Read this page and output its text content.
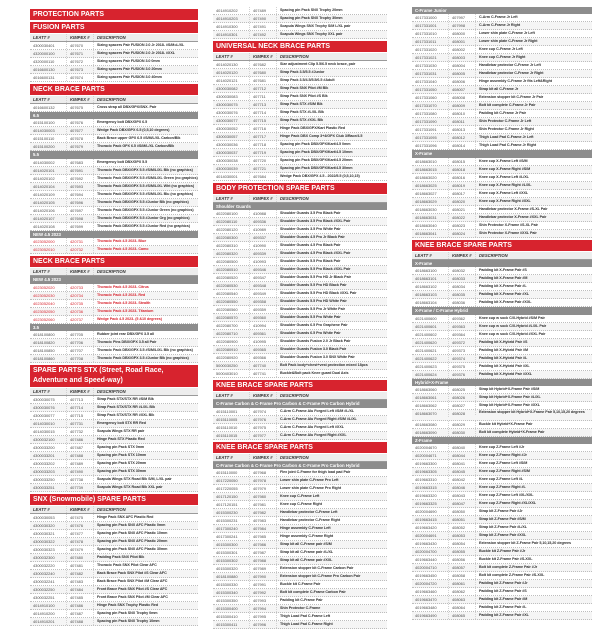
PROTECTION PARTS
FUSION PARTS
LEATT #	KIMPEX #	DESCRIPTION
4300030401	407670	Sizing spacers Pair FUSION 2.0 Jr 2018- #S/M=L/XL
4320000100	407671	Sizing spacers Pair FUSION 2.0 Jr 2018- #XXL
4320000110	407672	Sizing spacers Pair FUSION 3.0 0mm
4016600130	407673	Sizing spacers Pair FUSION 3.0 20mm
4016600131	407674	Sizing spacers Pair FUSION 3.0 40mm
NECK BRACE PARTS
LEATT #	KIMPEX #	DESCRIPTION
4016600132	407675	Cross strap all DBX/GPX/SNX. Pair
6.5
4015100100	407676	Emergency bolt DBX/GPX 6.5
4014030003	407677	Wedge Pack DBX/GPX 6.5 (0,5,10 degrees)
4015100110	407678	Back Brace upper GPX 6.5 #S/M/L/XL Carbon/Blk
4015100200	407679	Thoracic Pack GPX 6.5 #S/M/L/XL Carbon/Blk
5.5
4014030002	407683	Emergency bolt DBX/GPX 5.5
4014020101	407691	Thoracic Pack DBX/GPX 5.5 #S/M/L/XL Blk (no graphics)
4014020102	407692	Thoracic Pack DBX/GPX 5.5 #S/M/L/XL Green (no graphics)
4014020104	407693	Thoracic Pack DBX/GPX 5.5 #S/M/L/XL Wht (no graphics)
4014020109	407694	Thoracic Pack DBX/GPX 5.5 #S/M/L/XL Blu (no graphics)
4014020105	407696	Thoracic Pack DBX/GPX 5.5 #Junior Blk (no graphics)
4014020106	407697	Thoracic Pack DBX/GPX 5.5 #Junior Green (no graphics)
4014020107	407698	Thoracic Pack DBX/GPX 5.5 #Junior Org (no graphics)
4014020108	407699	Thoracic Pack DBX/GPX 5.5 #Junior Red (no graphics)
NEW 4.5 2023
4023052000	420731	Thoracic Pack 4.5 2023- Blue
4023052010	420732	Thoracic Pack 4.5 2023- Camo
NECK BRACE PARTS
LEATT #	KIMPEX #	DESCRIPTION
NEW 4.5 2023
4023052020	420733	Thoracic Pack 4.5 2023- Citrus
4023052030	420734	Thoracic Pack 4.5 2023- Red
4023052040	420735	Thoracic Pack 4.5 2023- Stealth
4023052050	420736	Thoracic Pack 4.5 2023- Titanium
4023052060	420737	Wedge Pack 4.5 2023- (5 &10 degrees)
3.5
4018100800	407705	Rubber joint rear DBX/GPX 3.5 all
4018100820	407706	Thoracic Pins DBX/GPX 3.5 all Pair
4018100850	407707	Thoracic Pack DBX/GPX 3.5 #S/M/L/XL Blk (no graphics)
4018100860	407708	Thoracic Pack DBX/GPX 3.5 #Junior Blk (no graphics)
SPARE PARTS STX (Street, Road Race, Adventure and Speed-way)
LEATT #	KIMPEX #	DESCRIPTION
4300030075	407713	Strap Pack STX/STX RR #S/M Blk
4300030076	407714	Strap Pack STX/STX RR #L/XL Blk
4300030077	407715	Strap Pack STX/STX RR #XXL Blk
4014030010	407731	Emergency bolt STX RR Red
4014030015	407732	Scapula Wings STX RR pair
4300032100	407486	Hinge Pack STX Plastic Red
4300033200	407487	Spacing pin Pack STX 0mm
4300033201	407488	Spacing pin Pack STX 10mm
4300033202	407489	Spacing pin Pack STX 20mm
4300033203	407490	Spacing pin Pack STX 30mm
4300033250	407738	Scapula Wings STX Road Blk S/M, L/XL pair
4300033251	407739	Scapula Wings STX Road Blk XXL pair
SNX (Snowmobile) SPARE PARTS
LEATT #	KIMPEX #	DESCRIPTION
4300030053	407475	Hinge Pack SNX AFC Plastic Red
4300030320	407476	Spacing pin Pack SNX AFC Plastic 0mm
4300030321	407477	Spacing pin Pack SNX AFC Plastic 10mm
4300030322	407478	Spacing pin Pack SNX AFC Plastic 20mm
4300030323	407479	Spacing pin Pack SNX AFC Plastic 30mm
4300032300	407480	Padding Pack SNX Pilot Blk
4300032220	407481	Thoracic Pack SNX Pilot Clear AFC
4300032240	407482	Back Brace Pack SNX Pilot #S Clear AFC
4300032241	407483	Back Brace Pack SNX Pilot #M Clear AFC
4300032250	407484	Front Brace Pack SNX Pilot #S Clear AFC
4300032251	407485	Front Brace Pack SNX Pilot #M Clear AFC
4014910100	407486	Hinge Pack SNX Trophy Plastic Red
4014910200	407487	Spacing pin Pack SNX Trophy 0mm
4014910201	407488	Spacing pin Pack SNX Trophy 10mm
4014910202	407489	Spacing pin Pack SNX Trophy 20mm
4014910203	407490	Spacing pin Pack SNX Trophy 30mm
4014910300	407491	Scapula Wings SNX Trophy S/M L/XL pair
4014910301	407492	Scapula Wings SNX Trophy XXL pair
UNIVERSAL NECK BRACE PARTS
LEATT #	KIMPEX #	DESCRIPTION
4014020130	407682	Size adjustment Clip 5.5/6.5 neck brace, pair
4014020120	407680	Strap Pack 3.5/5.5 #Junior
4014020121	407681	Strap Pack 3.5/4.5/5.5/6.5 #Adult
4300030082	407712	Strap Pack SNX Pilot #M Blk
4300030083	407711	Strap Pack SNX Pilot #S Blk
4300030075	407713	Strap Pack STX #S/M Blk
4300030076	407714	Strap Pack STX #L/XL Blk
4300030077	407715	Strap Pack STX #XXL Blk
4300030052	407716	Hinge Pack DBX/GPX/Kart Plastic Red
4300030057	407717	Hinge Pack DBX Comp 3+4/GPX Club 3/Race/4.5
4300030036	407718	Spacing pin Pack DBX/GPX/Kart/4.5 0mm
4300030037	407719	Spacing pin Pack DBX/GPX/Kart/4.5 10mm
4300030038	407720	Spacing pin Pack DBX/GPX/Kart/4.5 20mm
4300030039	407721	Spacing pin Pack DBX/GPX/Kart/4.5 30mm
4014030001	407684	Wedge Pack DBX/GPX 4.5 - 2022/5.5 (0,5,10,15)
BODY PROTECTION SPARE PARTS
LEATT #	KIMPEX #	DESCRIPTION
Shoulder Guards
4022080100	410988	Shoulder Guards 3.5 Pro Black Pair
4022080110	409336	Shoulder Guards 3.5 Pro Black #XXL Pair
4022080120	410989	Shoulder Guards 3.5 Pro White Pair
4022080300	409337	Shoulder Guards 4.5 Pro Jr Black Pair
4022080310	410990	Shoulder Guards 4.5 Pro Black Pair
4022080320	409339	Shoulder Guards 4.5 Pro Black #XXL Pair
4022080500	410993	Shoulder Guards 5.5 Pro Black Pair
4022080510	409346	Shoulder Guards 5.5 Pro Black #XXL Pair
4022080520	409347	Shoulder Guards 5.5 Pro HD Jr Black Pair
4022080530	409348	Shoulder Guards 5.5 Pro HD Black Pair
4022080540	409349	Shoulder Guards 5.5 Pro HD Black #XXL Pair
4022080550	409358	Shoulder Guards 5.5 Pro HD White Pair
4022080560	409359	Shoulder Guards 5.5 Pro Jr White Pair
4022080570	409360	Shoulder Guards 5.5 Pro White Pair
4022080700	410994	Shoulder Guards 6.5 Pro Graphene Pair
4022080710	409361	Shoulder Guards 6.5 Pro White Pair
4022080900	410995	Shoulder Guards Fusion 2.0 Jr Black Pair
4022080910	409365	Shoulder Guards Fusion 3.0 Black Pair
4022080920	409366	Shoulder Guards Fusion 3.0 SNX White Pair
5000030250	407740	Bolt Pack body+chest+vest protection mixed 18pcs
5000403010	407741	Buckle&Bolt pack Knee guard Dual Axis
KNEE BRACE SPARE PARTS
LEATT #	KIMPEX #	DESCRIPTION
C-Frame Carbon & C-Frame Pro Carbon & C-Frame Pro Carbon Hybrid
4015110001	407974	C-Arm C-Frame Alu Forged Left #S/M #L/XL
4015110005	407976	C-Arm C-Frame Alu Forged Right #S/M #L/XL
4015110010	407975	C-Arm C-Frame Alu Forged Left #XXL
4015110015	407977	C-Arm C-Frame Alu Forged Right #XXL
KNEE BRACE SPARE PARTS
LEATT #	KIMPEX #	DESCRIPTION
C-Frame Carbon & C-Frame Pro Carbon & C-Frame Pro Carbon Hybrid
4015110000	407968	Flex joint C-Frame for thigh load pad Pair
4017220050	407978	Lower shin plate C-Frame Pro Left
4017220055	407979	Lower shin plate C-Frame Pro Right
4017120150	407980	Knee cup C-Frame Left
4017120151	407981	Knee cup C-Frame Right
4015300230	407982	Handlebar protector C-Frame Left
4015300231	407983	Handlebar protector C-Frame Right
4017300240	407984	Hinge assembly C-Frame Left
4017300241	407985	Hinge assembly C-Frame Right
4015300300	407986	Strap kit all C-Frame pair #S/M
4015300301	407987	Strap kit all C-Frame pair #L/XL
4015300302	407988	Strap kit all C-Frame pair #XXL
4015300320	407989	Extension stopper kit C-Frame Carbon Pair
4018100880	407990	Extension stopper kit C-Frame Pro Carbon Pair
4015300330	407991	Buckle kit C-Frame Pair
4015300340	407992	Bolt kit complete C-Frame Carbon Pair
4015300350	407993	Padding kit C-Frame Pair
4015300400	407994	Shin Protector C-Frame
4015300410	407995	Thigh Load Pad C-Frame Left
4015300411	407996	Thigh Load Pad C-Frame Right
C-Frame Junior
4017331000	407997	C-Arm C-Frame Jr Left
4017331001	407998	C-Arm C-Frame Jr Right
4017331010	408000	Lower shin plate C-Frame Jr Left
4017331011	408001	Lower shin plate C-Frame Jr Right
4017331020	408002	Knee cup C-Frame Jr Left
4017331021	408003	Knee cup C-Frame Jr Right
4017331030	408004	Handlebar protector C-Frame Jr Left
4017331031	408005	Handlebar protector C-Frame Jr Right
4017331040	408006	Hinge assembly C-Frame Jr fits Left&Right
4017331050	408007	Strap kit all C-Frame Jr
4017331060	408008	Extension stopper kit C-Frame Jr Pair
4017331070	408009	Bolt kit complete C-Frame Jr Pair
4017331080	408010	Padding kit C-Frame Jr Pair
4017331090	408011	Shin Protector C-Frame Jr Left
4017331091	408013	Shin Protector C-Frame Jr Right
4017331095	408012	Thigh Load Pad C-Frame Jr Left
4017331096	408014	Thigh Load Pad C-Frame Jr Right
X-Frame
4018663010	408015	Knee cup X-Frame Left #S/M
4018663015	408018	Knee cup X-Frame Right #S/M
4018663020	408016	Knee cup X-Frame Left #L/XL
4018663025	408019	Knee cup X-Frame Right #L/XL
4018663027	408017	Knee cup X-Frame Left #XXL
4018663029	408020	Knee cup X-Frame Right #XXL
4018663030	408021	Handlebar protector X-Frame #S-XL Pair
4018663031	408022	Handlebar protector X-Frame #XXL Pair
4018663040	408023	Shin Protector X-Frame #S-XL Pair
4018663041	408024	Shin Protector X-Frame #XXL Pair
KNEE BRACE SPARE PARTS
LEATT #	KIMPEX #	DESCRIPTION
X-Frame
4018663100	408032	Padding kit X-Frame Pair #S
4018663101	408033	Padding kit X-Frame Pair #M
4018663102	408034	Padding kit X-Frame Pair #L
4018663103	408035	Padding kit X-Frame Pair #XL
4018663104	408036	Padding kit X-Frame Pair #XXL
X-Frame / C-Frame Hybrid
4021400600	409362	Knee cup w sock C/X-Hybrid #S/M Pair
4021400601	409363	Knee cup w sock C/X-Hybrid #L/XL Pair
4021400602	409364	Knee cup w sock C/X-Hybrid #XXL Pair
4021400620	409372	Padding kit X-Hybrid Pair #S
4021400621	409373	Padding kit X-Hybrid Pair #M
4021400622	409374	Padding kit X-Hybrid Pair #L
4021400623	409375	Padding kit X-Hybrid Pair #XL
4021400624	409376	Padding kit X-Hybrid Pair #XXL
Hybrid+X-Frame
4018663060	408025	Strap kit Hybrid+X-Frame Pair #S/M
4018663061	408026	Strap kit Hybrid+X-Frame Pair #L/XL
4018663062	408027	Strap kit Hybrid+X-Frame Pair #XXL
4018663070	408028	Extension stopper kit Hybrid+X-Frame Pair 5,10,15,20 degrees
4018663080	408029	Buckle kit Hybrid+X-Frame Pair
4018663090	408030	Bolt kit complete Hybrid+X-Frame Pair
Z-Frame
4020004670	408040	Knee cup Z-Frame Left #Jr
4020004671	408044	Knee cup Z-Frame Right #Jr
4019663300	408041	Knee cup Z-Frame Left #S/M
4019663305	408045	Knee cup Z-Frame Right #S/M
4019663310	408042	Knee cup Z-Frame Left #L
4019663315	408046	Knee cup Z-Frame Right #L
4019663320	408043	Knee cup Z-Frame Left #XL/XXL
4019663325	408047	Knee cup Z-Frame Right #XL/XXL
4020004690	408050	Strap kit Z-Frame Pair #Jr
4019663415	408051	Strap kit Z-Frame Pair #S/M
4019663420	408052	Strap kit Z-Frame Pair #L/XL
4020004691	408053	Strap kit Z-Frame Pair #XXL
4019663430	408054	Extension stopper kit Z-Frame Pair 5,10,15,20 degrees
4020004700	408055	Buckle kit Z-Frame Pair #Jr
4019663440	408056	Buckle kit Z-Frame Pair #S-XXL
4020004710	408057	Bolt kit complete Z-Frame Pair #Jr
4019663450	408058	Bolt kit complete Z-Frame Pair #S-XXL
4020004720	408061	Padding kit Z-Frame Pair #Jr
4019663460	408062	Padding kit Z-Frame Pair #S
4019663470	408063	Padding kit Z-Frame Pair #M
4019663480	408064	Padding kit Z-Frame Pair #L
4019663490	408065	Padding kit Z-Frame Pair #XL
